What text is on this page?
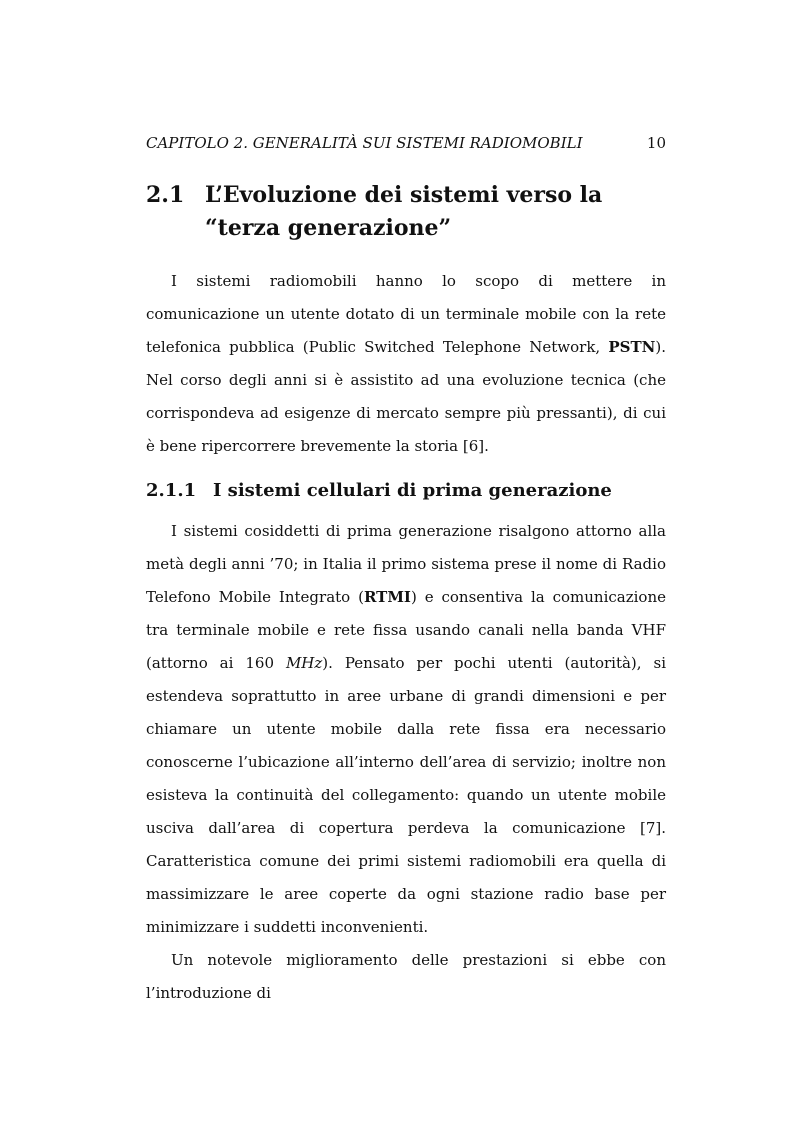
CAPITOLO 2. GENERALITÀ SUI SISTEMI RADIOMOBILI	10
2.1 L’Evoluzione dei sistemi verso la “terza generazione”

I sistemi radiomobili hanno lo scopo di mettere in comunicazione un utente dotato di un terminale mobile con la rete telefonica pubblica (Public Switched Telephone Network, PSTN). Nel corso degli anni si è assistito ad una evoluzione tecnica (che corrispondeva ad esigenze di mercato sempre più pressanti), di cui è bene ripercorrere brevemente la storia [6].

2.1.1 I sistemi cellulari di prima generazione

I sistemi cosiddetti di prima generazione risalgono attorno alla metà degli anni ’70; in Italia il primo sistema prese il nome di Radio Telefono Mobile Integrato (RTMI) e consentiva la comunicazione tra terminale mobile e rete fissa usando canali nella banda VHF (attorno ai 160 MHz). Pensato per pochi utenti (autorità), si estendeva soprattutto in aree urbane di grandi dimensioni e per chiamare un utente mobile dalla rete fissa era necessario conoscerne l’ubicazione all’interno dell’area di servizio; inoltre non esisteva la continuità del collegamento: quando un utente mobile usciva dall’area di copertura perdeva la comunicazione [7]. Caratteristica comune dei primi sistemi radiomobili era quella di massimizzare le aree coperte da ogni stazione radio base per minimizzare i suddetti inconvenienti.

Un notevole miglioramento delle prestazioni si ebbe con l’introduzione di
